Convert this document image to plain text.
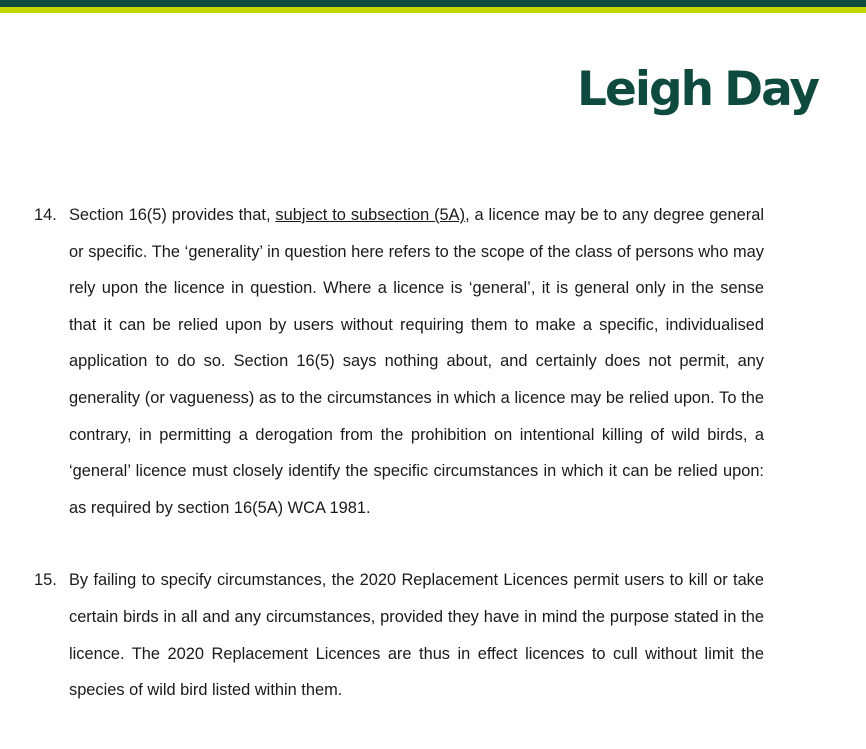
Leigh Day
14. Section 16(5) provides that, subject to subsection (5A), a licence may be to any degree general or specific. The ‘generality’ in question here refers to the scope of the class of persons who may rely upon the licence in question. Where a licence is ‘general’, it is general only in the sense that it can be relied upon by users without requiring them to make a specific, individualised application to do so. Section 16(5) says nothing about, and certainly does not permit, any generality (or vagueness) as to the circumstances in which a licence may be relied upon. To the contrary, in permitting a derogation from the prohibition on intentional killing of wild birds, a ‘general’ licence must closely identify the specific circumstances in which it can be relied upon: as required by section 16(5A) WCA 1981.
15. By failing to specify circumstances, the 2020 Replacement Licences permit users to kill or take certain birds in all and any circumstances, provided they have in mind the purpose stated in the licence. The 2020 Replacement Licences are thus in effect licences to cull without limit the species of wild bird listed within them.
